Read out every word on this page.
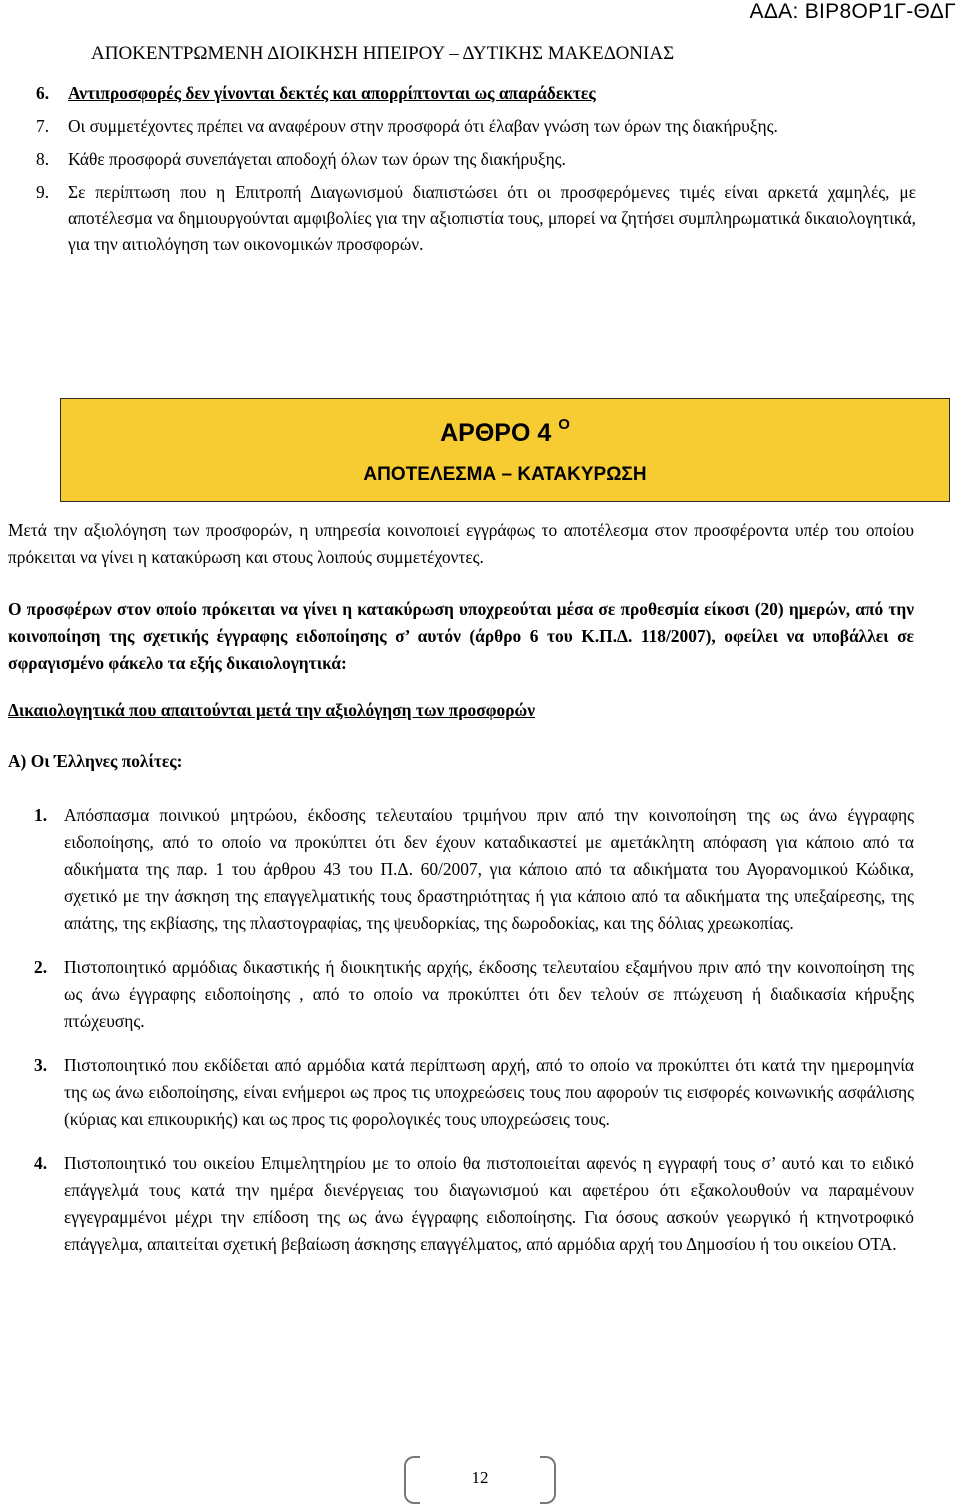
ΑΔΑ: ΒΙΡ8ΟΡ1Γ-ΘΔΓ
ΑΠΟΚΕΝΤΡΩΜΕΝΗ ΔΙΟΙΚΗΣΗ ΗΠΕΙΡΟΥ – ΔΥΤΙΚΗΣ ΜΑΚΕΔΟΝΙΑΣ
6. Αντιπροσφορές δεν γίνονται δεκτές και απορρίπτονται ως απαράδεκτες
7. Οι συμμετέχοντες πρέπει να αναφέρουν στην προσφορά ότι έλαβαν γνώση των όρων της διακήρυξης.
8. Κάθε προσφορά συνεπάγεται αποδοχή όλων των όρων της διακήρυξης.
9. Σε περίπτωση που η Επιτροπή Διαγωνισμού διαπιστώσει ότι οι προσφερόμενες τιμές είναι αρκετά χαμηλές, με αποτέλεσμα να δημιουργούνται αμφιβολίες για την αξιοπιστία τους, μπορεί να ζητήσει συμπληρωματικά δικαιολογητικά, για την αιτιολόγηση των οικονομικών προσφορών.
ΑΡΘΡΟ 4 $^O$
ΑΠΟΤΕΛΕΣΜΑ – ΚΑΤΑΚΥΡΩΣΗ

Μετά την αξιολόγηση των προσφορών, η υπηρεσία κοινοποιεί εγγράφως το αποτέλεσμα στον προσφέροντα υπέρ του οποίου πρόκειται να γίνει η κατακύρωση και στους λοιπούς συμμετέχοντες.

Ο προσφέρων στον οποίο πρόκειται να γίνει η κατακύρωση υποχρεούται μέσα σε προθεσμία είκοσι (20) ημερών, από την κοινοποίηση της σχετικής έγγραφης ειδοποίησης σ’ αυτόν (άρθρο 6 του Κ.Π.Δ. 118/2007), οφείλει να υποβάλλει σε σφραγισμένο φάκελο τα εξής δικαιολογητικά:

Δικαιολογητικά που απαιτούνται μετά την αξιολόγηση των προσφορών

Α) Οι Έλληνες πολίτες:

1. Απόσπασμα ποινικού μητρώου, έκδοσης τελευταίου τριμήνου πριν από την κοινοποίηση της ως άνω έγγραφης ειδοποίησης, από το οποίο να προκύπτει ότι δεν έχουν καταδικαστεί με αμετάκλητη απόφαση για κάποιο από τα αδικήματα της παρ. 1 του άρθρου 43 του Π.Δ. 60/2007, για κάποιο από τα αδικήματα του Αγορανομικού Κώδικα, σχετικό με την άσκηση της επαγγελματικής τους δραστηριότητας ή για κάποιο από τα αδικήματα της υπεξαίρεσης, της απάτης, της εκβίασης, της πλαστογραφίας, της ψευδορκίας, της δωροδοκίας, και της δόλιας χρεωκοπίας.
2. Πιστοποιητικό αρμόδιας δικαστικής ή διοικητικής αρχής, έκδοσης τελευταίου εξαμήνου πριν από την κοινοποίηση της ως άνω έγγραφης ειδοποίησης , από το οποίο να προκύπτει ότι δεν τελούν σε πτώχευση ή διαδικασία κήρυξης πτώχευσης.
3. Πιστοποιητικό που εκδίδεται από αρμόδια κατά περίπτωση αρχή, από το οποίο να προκύπτει ότι κατά την ημερομηνία της ως άνω ειδοποίησης, είναι ενήμεροι ως προς τις υποχρεώσεις τους που αφορούν τις εισφορές κοινωνικής ασφάλισης (κύριας και επικουρικής) και ως προς τις φορολογικές τους υποχρεώσεις τους.
4. Πιστοποιητικό του οικείου Επιμελητηρίου με το οποίο θα πιστοποιείται αφενός η εγγραφή τους σ’ αυτό και το ειδικό επάγγελμά τους κατά την ημέρα διενέργειας του διαγωνισμού και αφετέρου ότι εξακολουθούν να παραμένουν εγγεγραμμένοι μέχρι την επίδοση της ως άνω έγγραφης ειδοποίησης. Για όσους ασκούν γεωργικό ή κτηνοτροφικό επάγγελμα, απαιτείται σχετική βεβαίωση άσκησης επαγγέλματος, από αρμόδια αρχή του Δημοσίου ή του οικείου ΟΤΑ.
12
